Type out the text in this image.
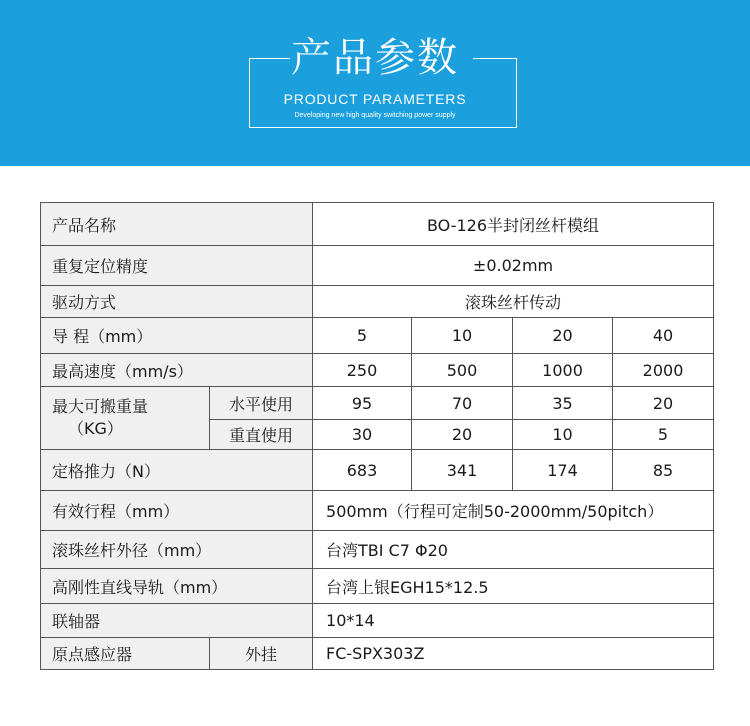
产品参数
PRODUCT PARAMETERS
Developing new high quality switching power supply
产品名称		BO-126半封闭丝杆模组			
重复定位精度		±0.02mm			
驱动方式		滚珠丝杆传动			
导 程（mm）		5	10	20	40
最高速度（mm/s）		250	500	1000	2000
最大可搬重量
（KG）	水平使用	95	70	35	20
	重直使用	30	20	10	5
定格推力（N）		683	341	174	85
有效行程（mm）		500mm（行程可定制50-2000mm/50pitch）			
滚珠丝杆外径（mm）		台湾TBI C7 Φ20			
高刚性直线导轨（mm）		台湾上银EGH15*12.5			
联轴器		10*14			
原点感应器	外挂	FC-SPX303Z			
